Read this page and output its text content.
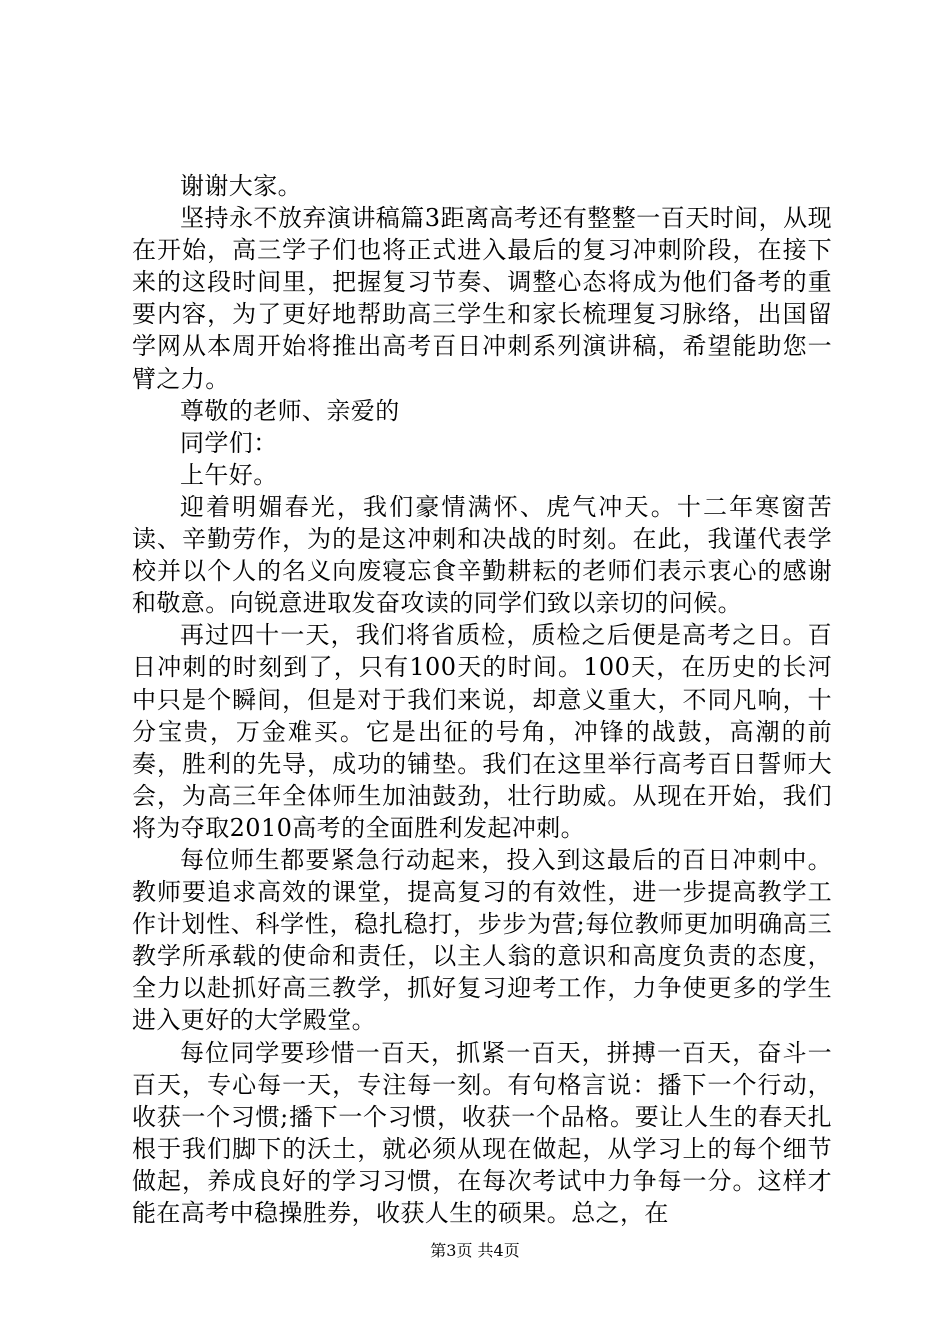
谢谢大家。

坚持永不放弃演讲稿篇3距离高考还有整整一百天时间，从现在开始，高三学子们也将正式进入最后的复习冲刺阶段，在接下来的这段时间里，把握复习节奏、调整心态将成为他们备考的重要内容，为了更好地帮助高三学生和家长梳理复习脉络，出国留学网从本周开始将推出高考百日冲刺系列演讲稿，希望能助您一臂之力。

尊敬的老师、亲爱的

同学们：

上午好。

迎着明媚春光，我们豪情满怀、虎气冲天。十二年寒窗苦读、辛勤劳作，为的是这冲刺和决战的时刻。在此，我谨代表学校并以个人的名义向废寝忘食辛勤耕耘的老师们表示衷心的感谢和敬意。向锐意进取发奋攻读的同学们致以亲切的问候。

再过四十一天，我们将省质检，质检之后便是高考之日。百日冲刺的时刻到了，只有100天的时间。100天，在历史的长河中只是个瞬间，但是对于我们来说，却意义重大，不同凡响，十分宝贵，万金难买。它是出征的号角，冲锋的战鼓，高潮的前奏，胜利的先导，成功的铺垫。我们在这里举行高考百日誓师大会，为高三年全体师生加油鼓劲，壮行助威。从现在开始，我们将为夺取2010高考的全面胜利发起冲刺。

每位师生都要紧急行动起来，投入到这最后的百日冲刺中。教师要追求高效的课堂，提高复习的有效性，进一步提高教学工作计划性、科学性，稳扎稳打，步步为营;每位教师更加明确高三教学所承载的使命和责任，以主人翁的意识和高度负责的态度，全力以赴抓好高三教学，抓好复习迎考工作，力争使更多的学生进入更好的大学殿堂。

每位同学要珍惜一百天，抓紧一百天，拼搏一百天，奋斗一百天，专心每一天，专注每一刻。有句格言说：播下一个行动，收获一个习惯;播下一个习惯，收获一个品格。要让人生的春天扎根于我们脚下的沃土，就必须从现在做起，从学习上的每个细节做起，养成良好的学习习惯，在每次考试中力争每一分。这样才能在高考中稳操胜券，收获人生的硕果。总之，在

第3页 共4页
